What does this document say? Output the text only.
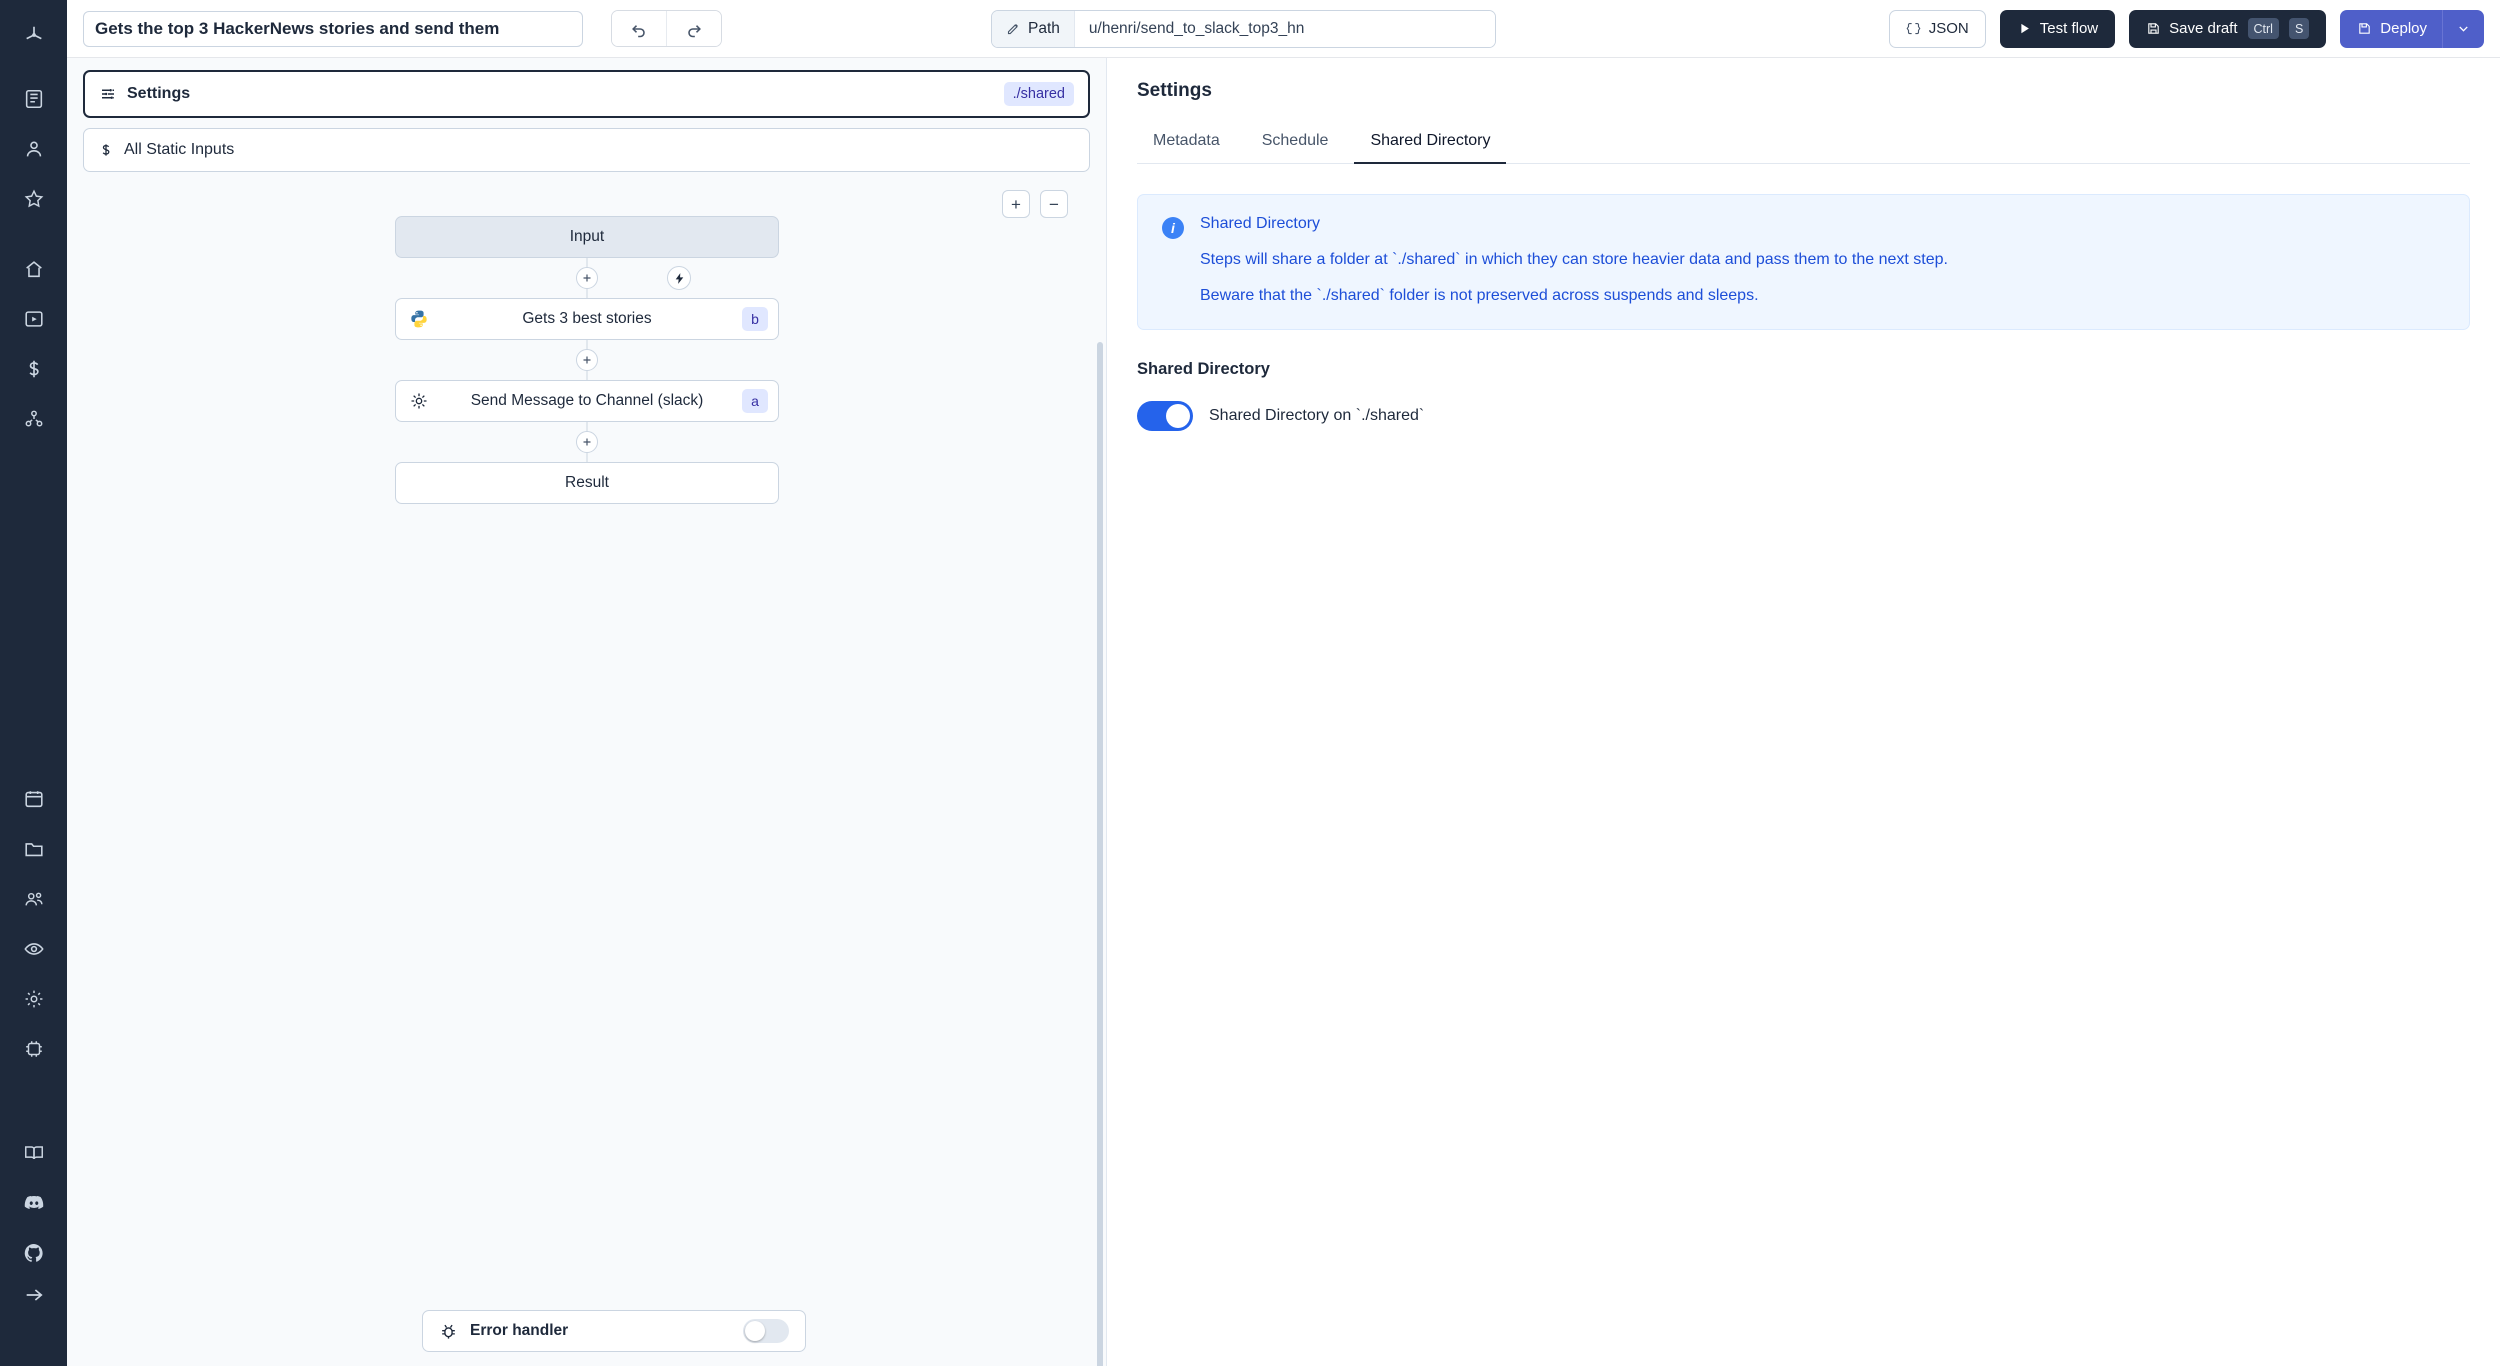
Gets the top 3 HackerNews stories and send them
Path
u/henri/send_to_slack_top3_hn	JSON	Test flow	Save draft	Ctrl	S	Deploy
Settings	./shared
All Static Inputs
+	−
Input
Gets 3 best stories	b
Send Message to Channel (slack)	a
Result
Error handler
Settings
Metadata	Schedule	Shared Directory
i	Shared Directory
Steps will share a folder at `./shared` in which they can store heavier data and pass them to the next step.
Beware that the `./shared` folder is not preserved across suspends and sleeps.
Shared Directory
Shared Directory on `./shared`
